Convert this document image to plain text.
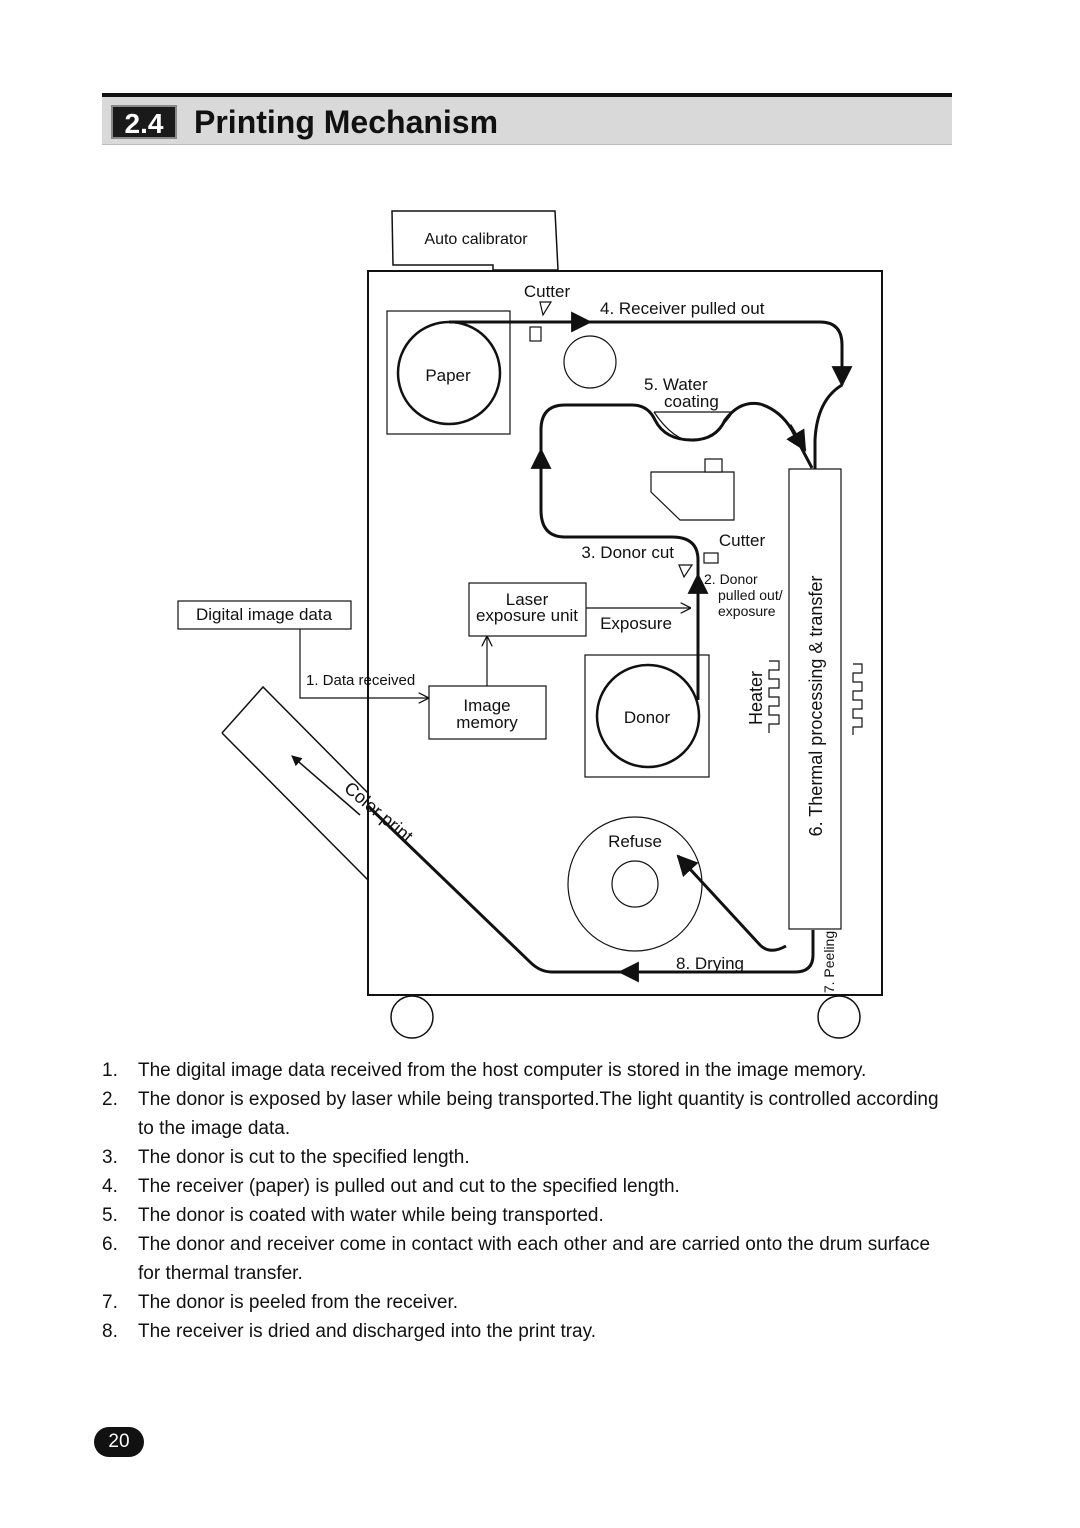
2.4 Printing Mechanism
Auto calibrator
Color print
Paper
Cutter
4. Receiver pulled out
5. Water
coating
Cutter
3. Donor cut
2. Donor
pulled out/
exposure
Digital image data
1. Data received
Laser
exposure unit Exposure
Image
memory	Donor	Heater 6. Thermal processing & transfer
Refuse
8. Drying	7. Peeling
1. The digital image data received from the host computer is stored in the image memory.
2. The donor is exposed by laser while being transported.The light quantity is controlled according to the image data.
3. The donor is cut to the specified length.
4. The receiver (paper) is pulled out and cut to the specified length.
5. The donor is coated with water while being transported.
6. The donor and receiver come in contact with each other and are carried onto the drum surface for thermal transfer.
7. The donor is peeled from the receiver.
8. The receiver is dried and discharged into the print tray.
20
